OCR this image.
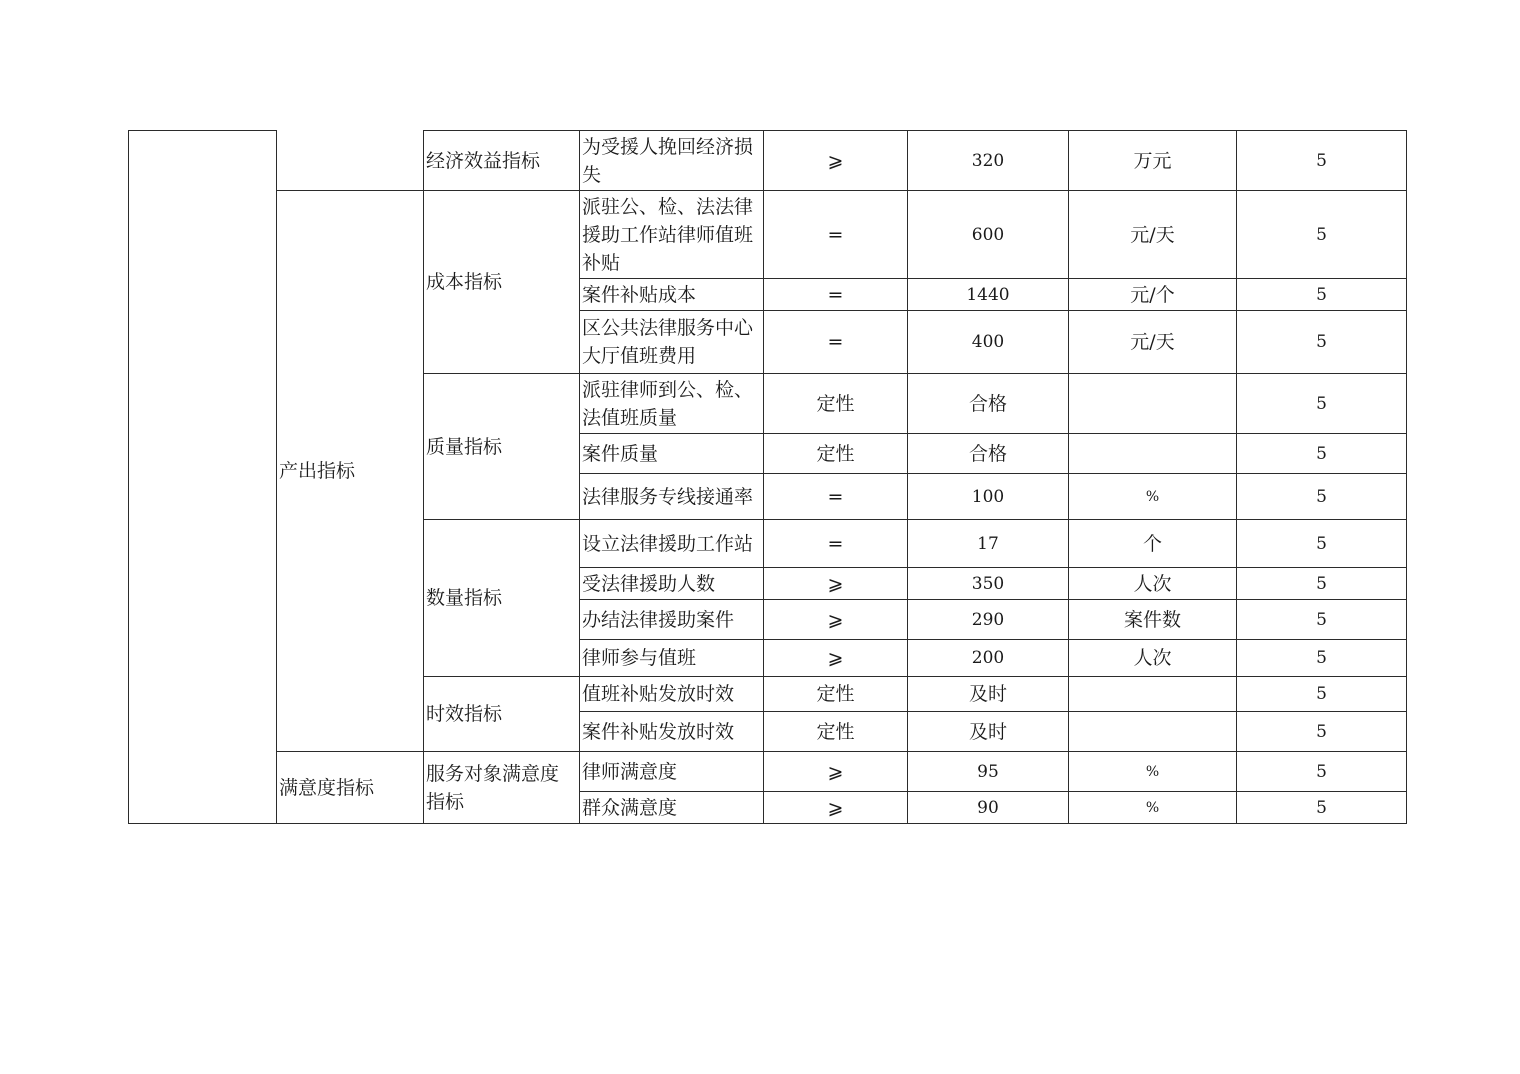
		经济效益指标	为受援人挽回经济损失	⩾	320	万元	5
	产出指标	成本指标	派驻公、检、法法律援助工作站律师值班补贴	=	600	元/天	5
			案件补贴成本	=	1440	元/个	5
			区公共法律服务中心大厅值班费用	=	400	元/天	5
		质量指标	派驻律师到公、检、法值班质量	定性	合格		5
			案件质量	定性	合格		5
			法律服务专线接通率	=	100	%	5
		数量指标	设立法律援助工作站	=	17	个	5
			受法律援助人数	⩾	350	人次	5
			办结法律援助案件	⩾	290	案件数	5
			律师参与值班	⩾	200	人次	5
		时效指标	值班补贴发放时效	定性	及时		5
			案件补贴发放时效	定性	及时		5
	满意度指标	服务对象满意度指标	律师满意度	⩾	95	%	5
			群众满意度	⩾	90	%	5
